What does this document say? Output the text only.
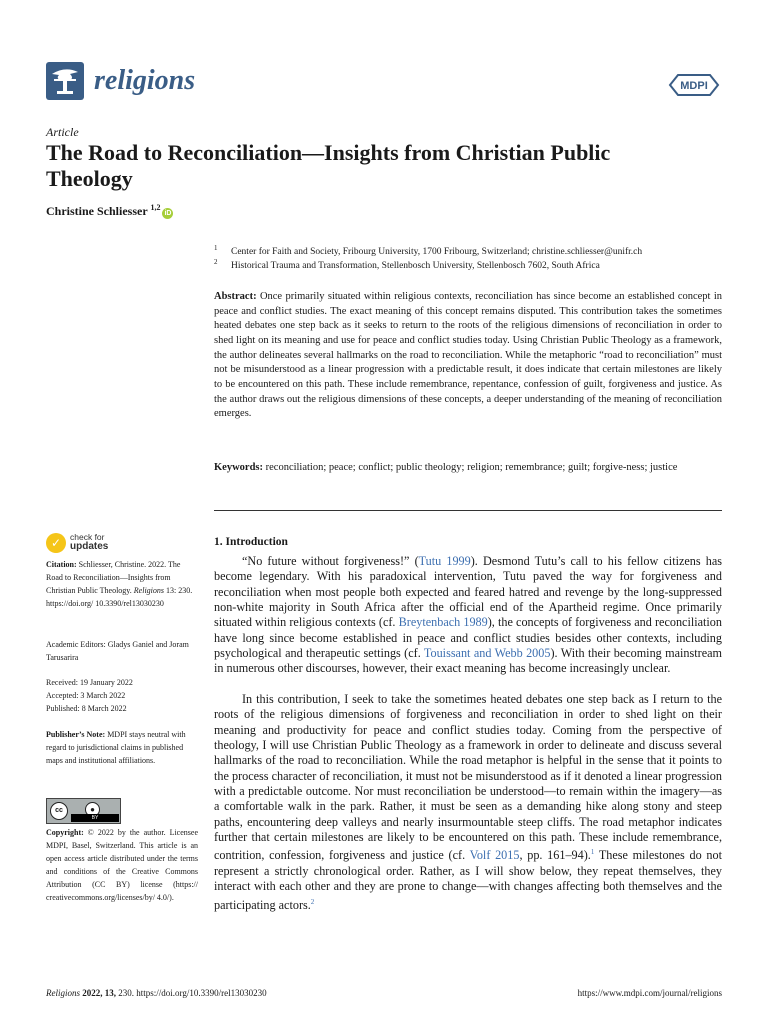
religions	MDPI
Article
The Road to Reconciliation—Insights from Christian Public Theology
Christine Schliesser $^{1,2}$iD
1 Center for Faith and Society, Fribourg University, 1700 Fribourg, Switzerland; christine.schliesser@unifr.ch
2 Historical Trauma and Transformation, Stellenbosch University, Stellenbosch 7602, South Africa

Abstract: Once primarily situated within religious contexts, reconciliation has since become an established concept in peace and conflict studies. The exact meaning of this concept remains disputed. This contribution takes the sometimes heated debates one step back as it seeks to return to the roots of the religious dimensions of reconciliation in order to shed light on its meaning and use for peace and conflict studies today. Using Christian Public Theology as a framework, the author delineates several hallmarks on the road to reconciliation. While the metaphoric “road to reconciliation” must not be misunderstood as a linear progression with a predictable result, it does indicate that certain milestones are likely to be encountered on this path. These include remembrance, repentance, confession of guilt, forgiveness and justice. As the author draws out the religious dimensions of these concepts, a deeper understanding of the meaning of reconciliation emerges.

Keywords: reconciliation; peace; conflict; public theology; religion; remembrance; guilt; forgive-ness; justice

✓	check for
updates

Citation: Schliesser, Christine. 2022. The Road to Reconciliation—Insights from Christian Public Theology. Religions 13: 230. https://doi.org/ 10.3390/rel13030230

Academic Editors: Gladys Ganiel and Joram Tarusarira

Received: 19 January 2022
Accepted: 3 March 2022
Published: 8 March 2022

Publisher’s Note: MDPI stays neutral with regard to jurisdictional claims in published maps and institutional affiliations.

cc	●
BY

Copyright: © 2022 by the author. Licensee MDPI, Basel, Switzerland. This article is an open access article distributed under the terms and conditions of the Creative Commons Attribution (CC BY) license (https:// creativecommons.org/licenses/by/ 4.0/).

1. Introduction

“No future without forgiveness!” (Tutu 1999). Desmond Tutu’s call to his fellow citizens has become legendary. With his paradoxical intervention, Tutu paved the way for forgiveness and reconciliation when most people both expected and feared hatred and revenge by the long-suppressed non-white majority in South Africa after the official end of the Apartheid regime. Once primarily situated within religious contexts (cf. Breytenbach 1989), the concepts of forgiveness and reconciliation have long since become established in peace and conflict studies besides other contexts, including psychological and therapeutic settings (cf. Touissant and Webb 2005). With their becoming mainstream in numerous other discourses, however, their exact meaning has become increasingly unclear.

In this contribution, I seek to take the sometimes heated debates one step back as I return to the roots of the religious dimensions of forgiveness and reconciliation in order to shed light on their meaning and productivity for peace and conflict studies today. Coming from the perspective of theology, I will use Christian Public Theology as a framework in order to delineate and discuss several hallmarks of the road to reconciliation. While the road metaphor is helpful in the sense that it points to the process character of reconciliation, it must not be misunderstood as if it denoted a linear progression with a predictable outcome. Nor must reconciliation be understood—to remain within the imagery—as a comfortable walk in the park. Rather, it must be seen as a demanding hike along stony and steep paths, encountering deep valleys and nearly insurmountable steep cliffs. The road metaphor indicates further that certain milestones are likely to be encountered on this path. These include remembrance, contrition, confession, forgiveness and justice (cf. Volf 2015, pp. 161–94).$^1$ These milestones do not represent a strictly chronological order. Rather, as I will show below, they repeat themselves, they interact with each other and they are prone to change—with changes affecting both themselves and the participating actors.$^2$

Religions 2022, 13, 230. https://doi.org/10.3390/rel13030230	https://www.mdpi.com/journal/religions
